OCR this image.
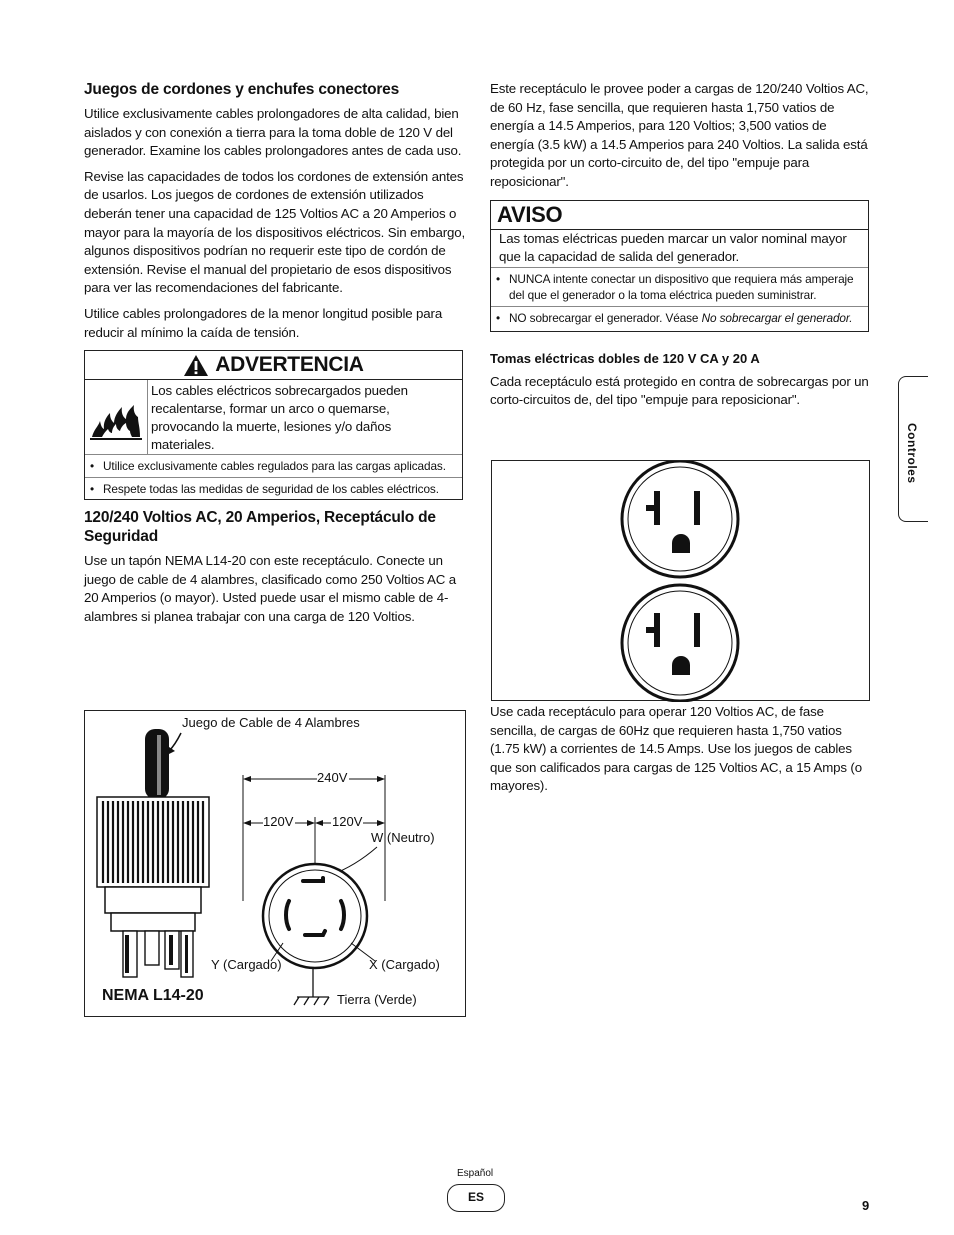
Juegos de cordones y enchufes conectores

Utilice exclusivamente cables prolongadores de alta calidad, bien aislados y con conexión a tierra para la toma doble de 120 V del generador. Examine los cables prolongadores antes de cada uso.

Revise las capacidades de todos los cordones de extensión antes de usarlos. Los juegos de cordones de extensión utilizados deberán tener una capacidad de 125 Voltios AC a 20 Amperios o mayor para la mayoría de los dispositivos eléctricos. Sin embargo, algunos dispositivos podrían no requerir este tipo de cordón de extensión. Revise el manual del propietario de esos dispositivos para ver las recomendaciones del fabricante.

Utilice cables prolongadores de la menor longitud posible para reducir al mínimo la caída de tensión.

ADVERTENCIA
Los cables eléctricos sobrecargados pueden recalentarse, formar un arco o quemarse, provocando la muerte, lesiones y/o daños materiales.
• Utilice exclusivamente cables regulados para las cargas aplicadas.
• Respete todas las medidas de seguridad de los cables eléctricos.
120/240 Voltios AC, 20 Amperios, Receptáculo de Seguridad

Use un tapón NEMA L14-20 con este receptáculo. Conecte un juego de cable de 4 alambres, clasificado como 250 Voltios AC a 20 Amperios (o mayor). Usted puede usar el mismo cable de 4-alambres si planea trabajar con una carga de 120 Voltios.

Juego de Cable de 4 Alambres
240V
120V	120V
W (Neutro)
Y (Cargado)	X (Cargado)
Tierra (Verde)
NEMA L14-20

Este receptáculo le provee poder a cargas de 120/240 Voltios AC, de 60 Hz, fase sencilla, que requieren hasta 1,750 vatios de energía a 14.5 Amperios, para 120 Voltios; 3,500 vatios de energía (3.5 kW) a 14.5 Amperios para 240 Voltios. La salida está protegida por un corto-circuito de, del tipo "empuje para reposicionar".

AVISO
Las tomas eléctricas pueden marcar un valor nominal mayor que la capacidad de salida del generador.
• NUNCA intente conectar un dispositivo que requiera más amperaje del que el generador o la toma eléctrica pueden suministrar.
• NO sobrecargar el generador. Véase No sobrecargar el generador.
Tomas eléctricas dobles de 120 V CA y 20 A

Cada receptáculo está protegido en contra de sobrecargas por un corto-circuitos de, del tipo "empuje para reposicionar".

Use cada receptáculo para operar 120 Voltios AC, de fase sencilla, de cargas de 60Hz que requieren hasta 1,750 vatios (1.75 kW) a corrientes de 14.5 Amps. Use los juegos de cables que son calificados para cargas de 125 Voltios AC, a 15 Amps (o mayores).

Controles
Español
ES
9
